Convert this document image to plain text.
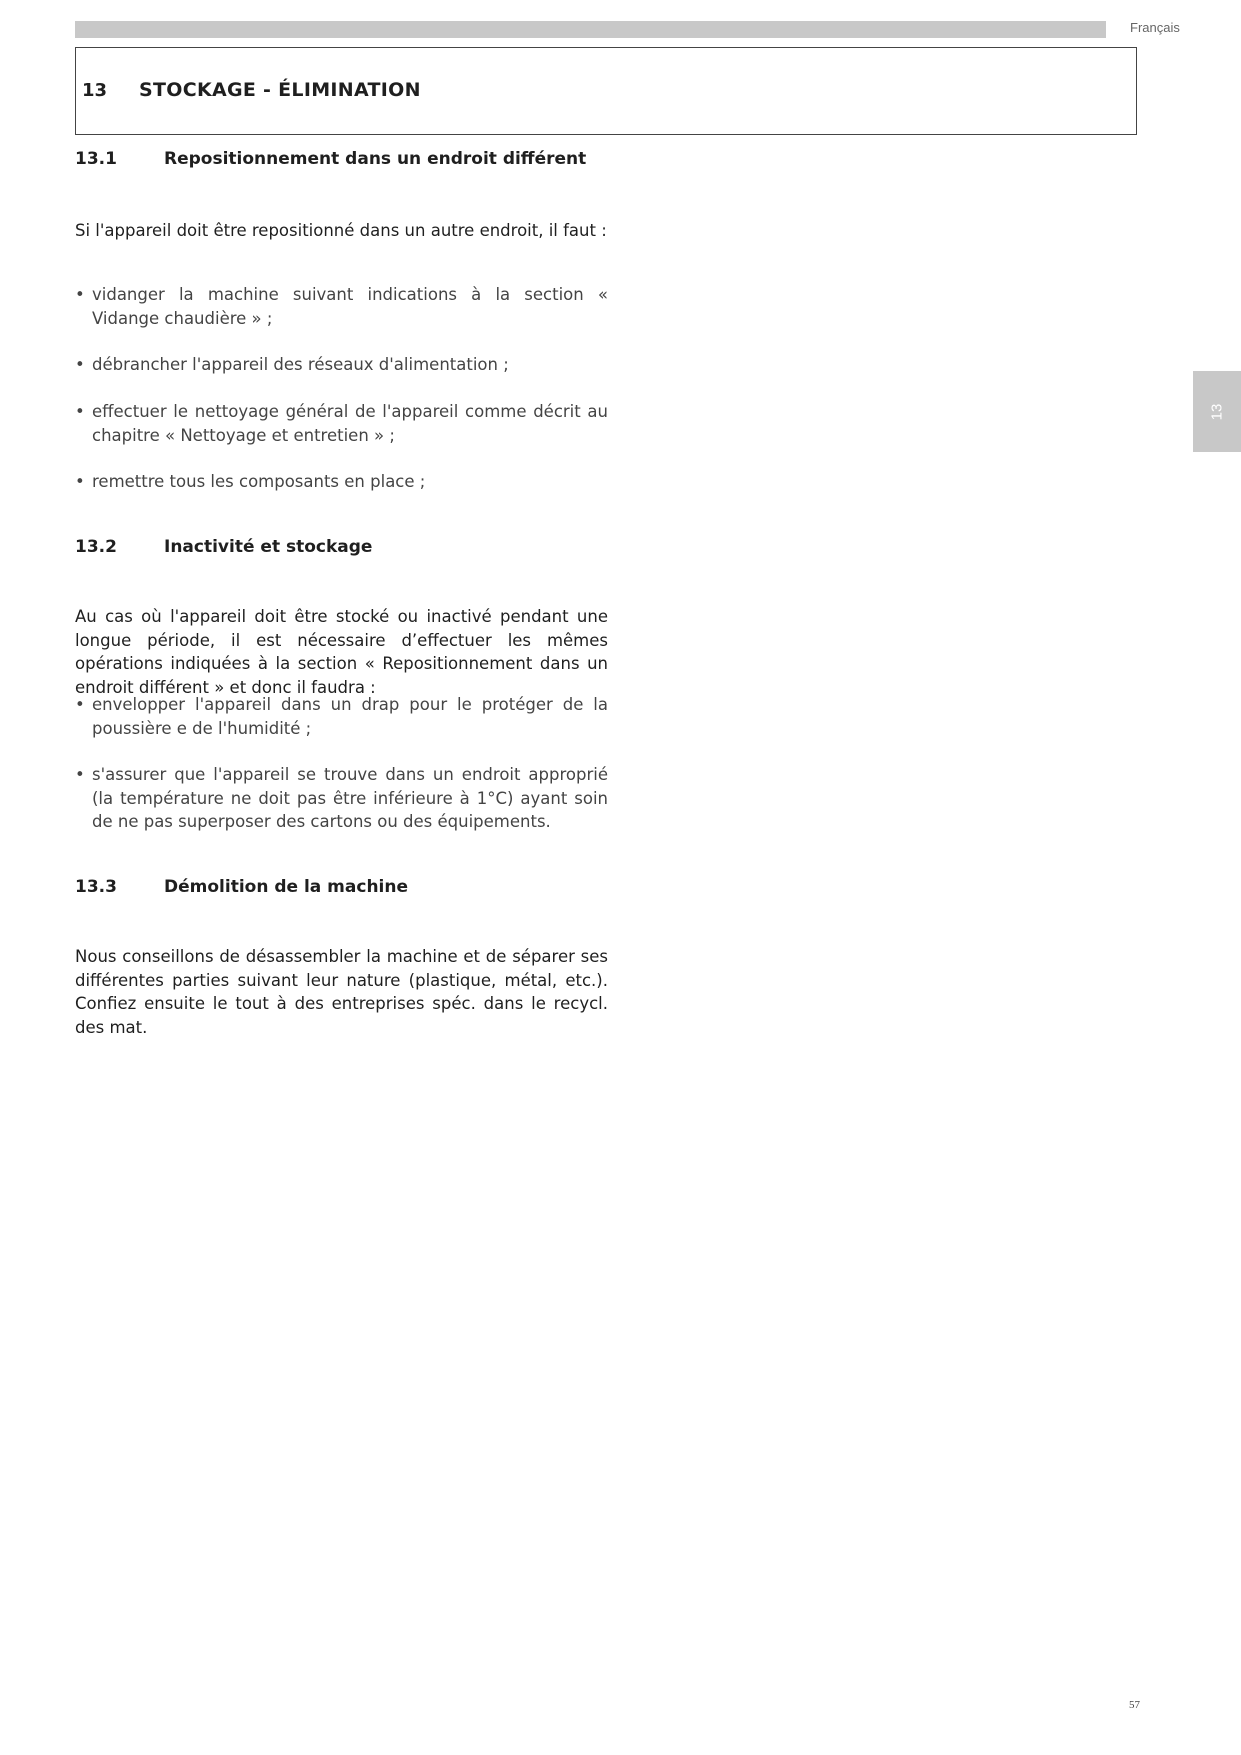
Français
13 STOCKAGE - ÉLIMINATION
13
13.1	Repositionnement dans un endroit différent
Si l'appareil doit être repositionné dans un autre endroit, il faut :
• vidanger la machine suivant indications à la section « Vidange chaudière » ;
• débrancher l'appareil des réseaux d'alimentation ;
• effectuer le nettoyage général de l'appareil comme décrit au chapitre « Nettoyage et entretien » ;
• remettre tous les composants en place ;
13.2	Inactivité et stockage
Au cas où l'appareil doit être stocké ou inactivé pendant une longue période, il est nécessaire d’effectuer les mêmes opérations indiquées à la section « Repositionnement dans un endroit différent » et donc il faudra :
• envelopper l'appareil dans un drap pour le protéger de la poussière e de l'humidité ;
• s'assurer que l'appareil se trouve dans un endroit approprié (la température ne doit pas être inférieure à 1°C) ayant soin de ne pas superposer des cartons ou des équipements.
13.3	Démolition de la machine
Nous conseillons de désassembler la machine et de séparer ses différentes parties suivant leur nature (plastique, métal, etc.). Confiez ensuite le tout à des entreprises spéc. dans le recycl. des mat.
57
